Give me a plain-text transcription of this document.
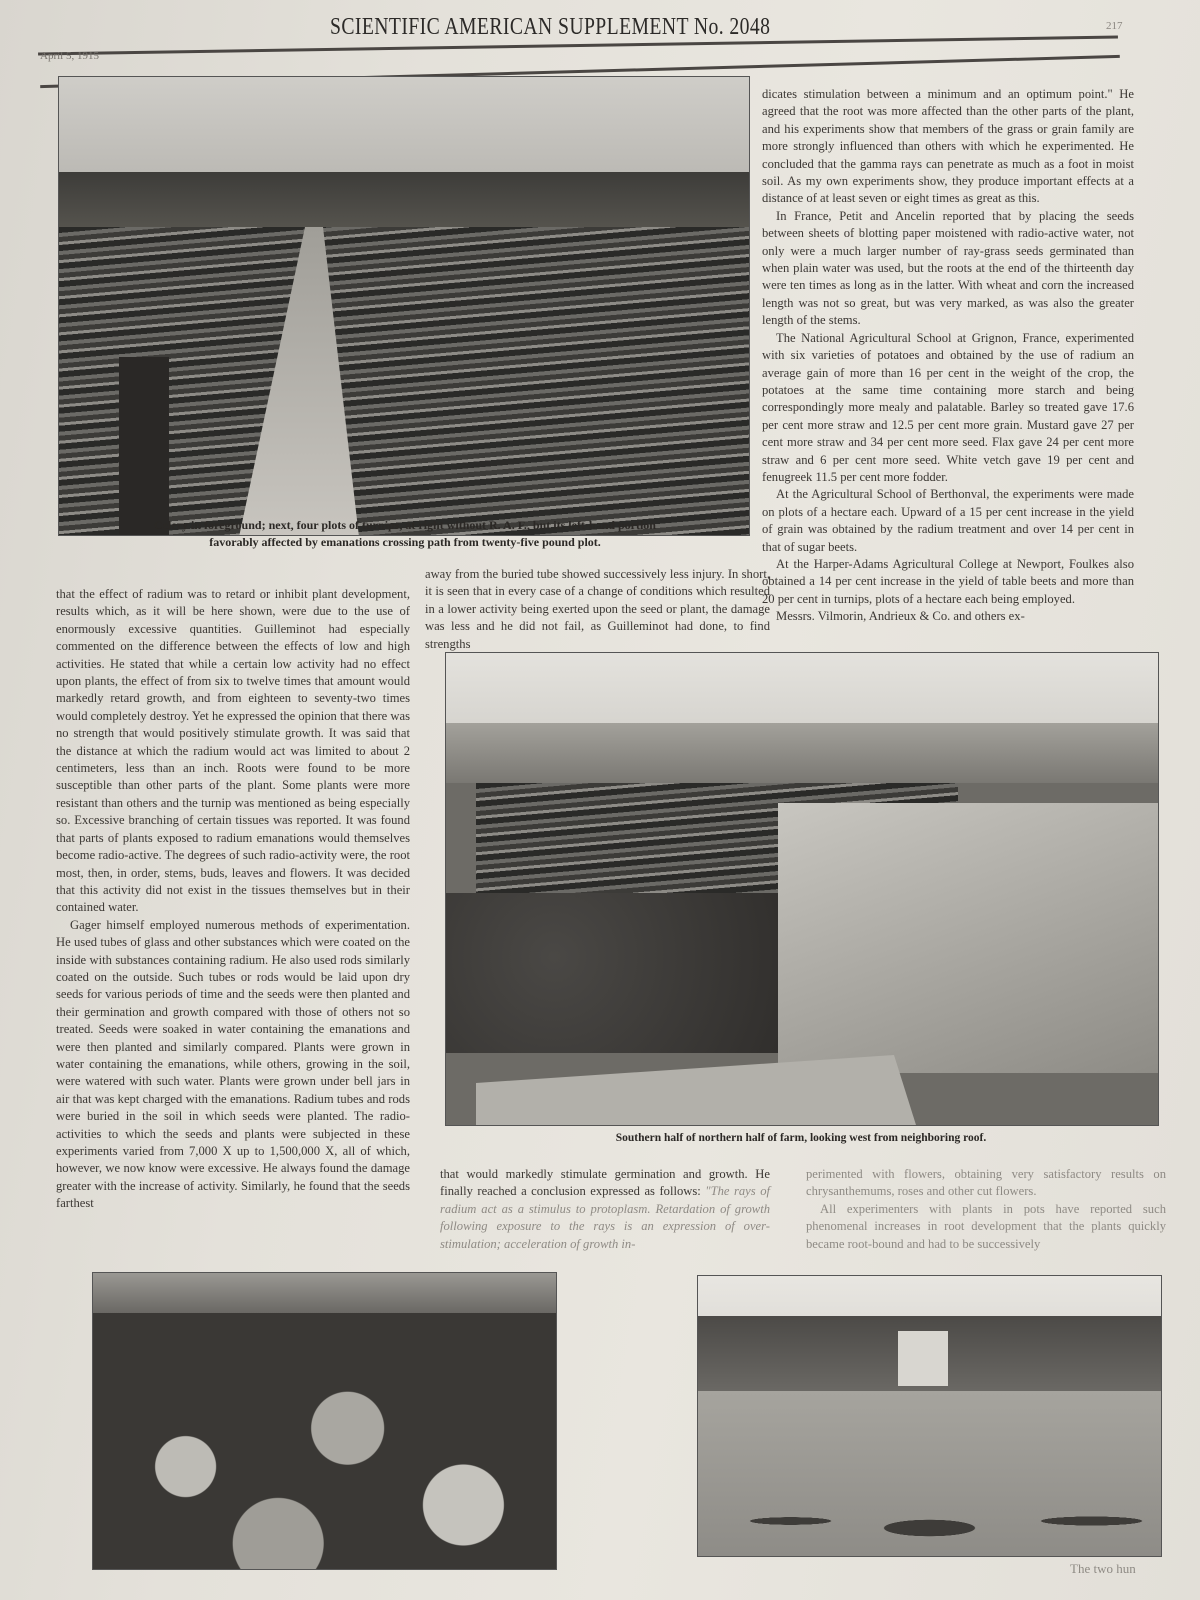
SCIENTIFIC AMERICAN SUPPLEMENT No. 2048
April 5, 1915
217
Celery in foreground; next, four plots of turnips, at right without R. A. F., but its left-hand portion
favorably affected by emanations crossing path from twenty-five pound plot.

dicates stimulation between a minimum and an optimum point." He agreed that the root was more affected than the other parts of the plant, and his experiments show that members of the grass or grain family are more strongly influenced than others with which he experimented. He concluded that the gamma rays can penetrate as much as a foot in moist soil. As my own experiments show, they produce important effects at a distance of at least seven or eight times as great as this.

In France, Petit and Ancelin reported that by placing the seeds between sheets of blotting paper moistened with radio-active water, not only were a much larger number of ray-grass seeds germinated than when plain water was used, but the roots at the end of the thirteenth day were ten times as long as in the latter. With wheat and corn the increased length was not so great, but was very marked, as was also the greater length of the stems.

The National Agricultural School at Grignon, France, experimented with six varieties of potatoes and obtained by the use of radium an average gain of more than 16 per cent in the weight of the crop, the potatoes at the same time containing more starch and being correspondingly more mealy and palatable. Barley so treated gave 17.6 per cent more straw and 12.5 per cent more grain. Mustard gave 27 per cent more straw and 34 per cent more seed. Flax gave 24 per cent more straw and 6 per cent more seed. White vetch gave 19 per cent and fenugreek 11.5 per cent more fodder.

At the Agricultural School of Berthonval, the experiments were made on plots of a hectare each. Upward of a 15 per cent increase in the yield of grain was obtained by the radium treatment and over 14 per cent in that of sugar beets.

At the Harper-Adams Agricultural College at Newport, Foulkes also obtained a 14 per cent increase in the yield of table beets and more than 20 per cent in turnips, plots of a hectare each being employed.

Messrs. Vilmorin, Andrieux & Co. and others ex-

that the effect of radium was to retard or inhibit plant development, results which, as it will be here shown, were due to the use of enormously excessive quantities. Guilleminot had especially commented on the difference between the effects of low and high activities. He stated that while a certain low activity had no effect upon plants, the effect of from six to twelve times that amount would markedly retard growth, and from eighteen to seventy-two times would completely destroy. Yet he expressed the opinion that there was no strength that would positively stimulate growth. It was said that the distance at which the radium would act was limited to about 2 centimeters, less than an inch. Roots were found to be more susceptible than other parts of the plant. Some plants were more resistant than others and the turnip was mentioned as being especially so. Excessive branching of certain tissues was reported. It was found that parts of plants exposed to radium emanations would themselves become radio-active. The degrees of such radio-activity were, the root most, then, in order, stems, buds, leaves and flowers. It was decided that this activity did not exist in the tissues themselves but in their contained water.

Gager himself employed numerous methods of experimentation. He used tubes of glass and other substances which were coated on the inside with substances containing radium. He also used rods similarly coated on the outside. Such tubes or rods would be laid upon dry seeds for various periods of time and the seeds were then planted and their germination and growth compared with those of others not so treated. Seeds were soaked in water containing the emanations and were then planted and similarly compared. Plants were grown in water containing the emanations, while others, growing in the soil, were watered with such water. Plants were grown under bell jars in air that was kept charged with the emanations. Radium tubes and rods were buried in the soil in which seeds were planted. The radio-activities to which the seeds and plants were subjected in these experiments varied from 7,000 X up to 1,500,000 X, all of which, however, we now know were excessive. He always found the damage greater with the increase of activity. Similarly, he found that the seeds farthest

away from the buried tube showed successively less injury. In short, it is seen that in every case of a change of conditions which resulted in a lower activity being exerted upon the seed or plant, the damage was less and he did not fail, as Guilleminot had done, to find strengths

Southern half of northern half of farm, looking west from neighboring roof.

that would markedly stimulate germination and growth. He finally reached a conclusion expressed as follows: "The rays of radium act as a stimulus to protoplasm. Retardation of growth following exposure to the rays is an expression of over-stimulation; acceleration of growth in-

perimented with flowers, obtaining very satisfactory results on chrysanthemums, roses and other cut flowers.

All experimenters with plants in pots have reported such phenomenal increases in root development that the plants quickly became root-bound and had to be successively

The two hun
